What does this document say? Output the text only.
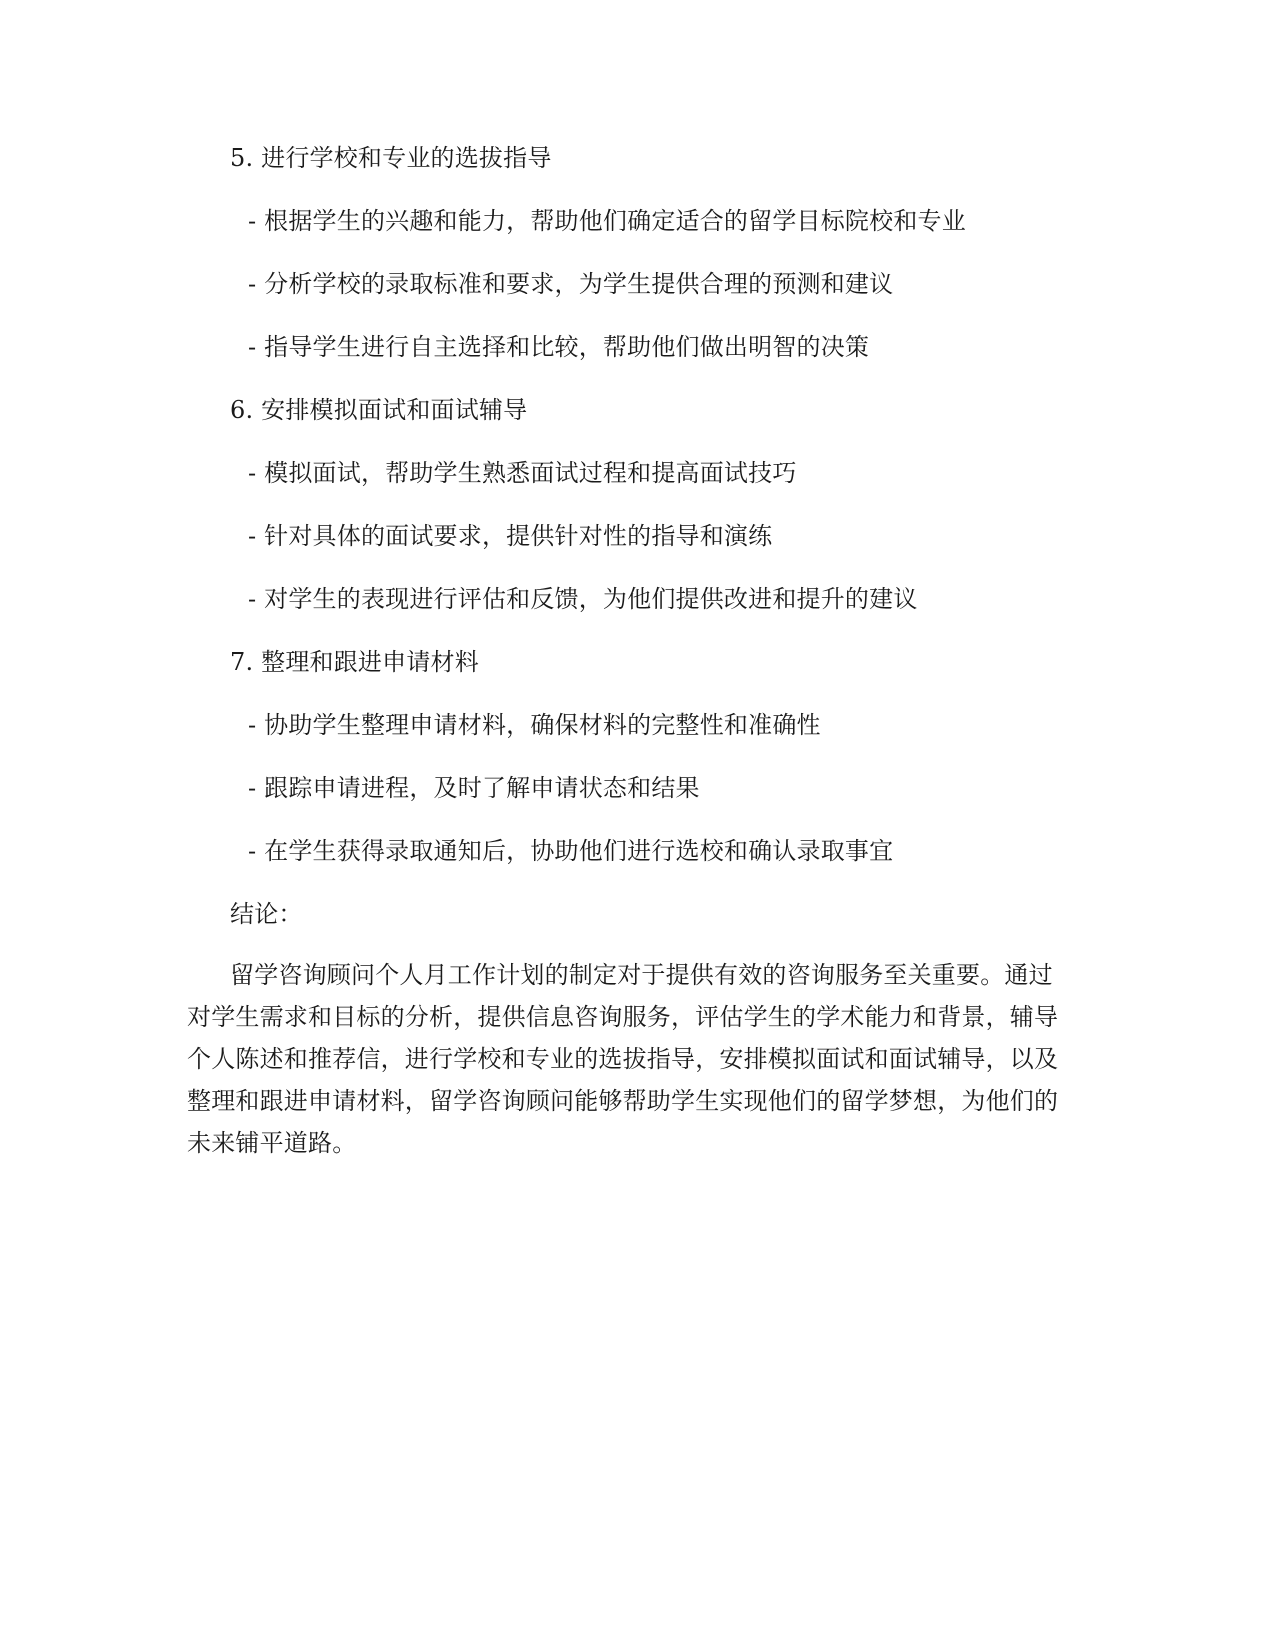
5. 进行学校和专业的选拔指导
- 根据学生的兴趣和能力，帮助他们确定适合的留学目标院校和专业
- 分析学校的录取标准和要求，为学生提供合理的预测和建议
- 指导学生进行自主选择和比较，帮助他们做出明智的决策
6. 安排模拟面试和面试辅导
- 模拟面试，帮助学生熟悉面试过程和提高面试技巧
- 针对具体的面试要求，提供针对性的指导和演练
- 对学生的表现进行评估和反馈，为他们提供改进和提升的建议
7. 整理和跟进申请材料
- 协助学生整理申请材料，确保材料的完整性和准确性
- 跟踪申请进程，及时了解申请状态和结果
- 在学生获得录取通知后，协助他们进行选校和确认录取事宜
结论：
留学咨询顾问个人月工作计划的制定对于提供有效的咨询服务至关重要。通过
对学生需求和目标的分析，提供信息咨询服务，评估学生的学术能力和背景，辅导
个人陈述和推荐信，进行学校和专业的选拔指导，安排模拟面试和面试辅导，以及
整理和跟进申请材料，留学咨询顾问能够帮助学生实现他们的留学梦想，为他们的
未来铺平道路。
